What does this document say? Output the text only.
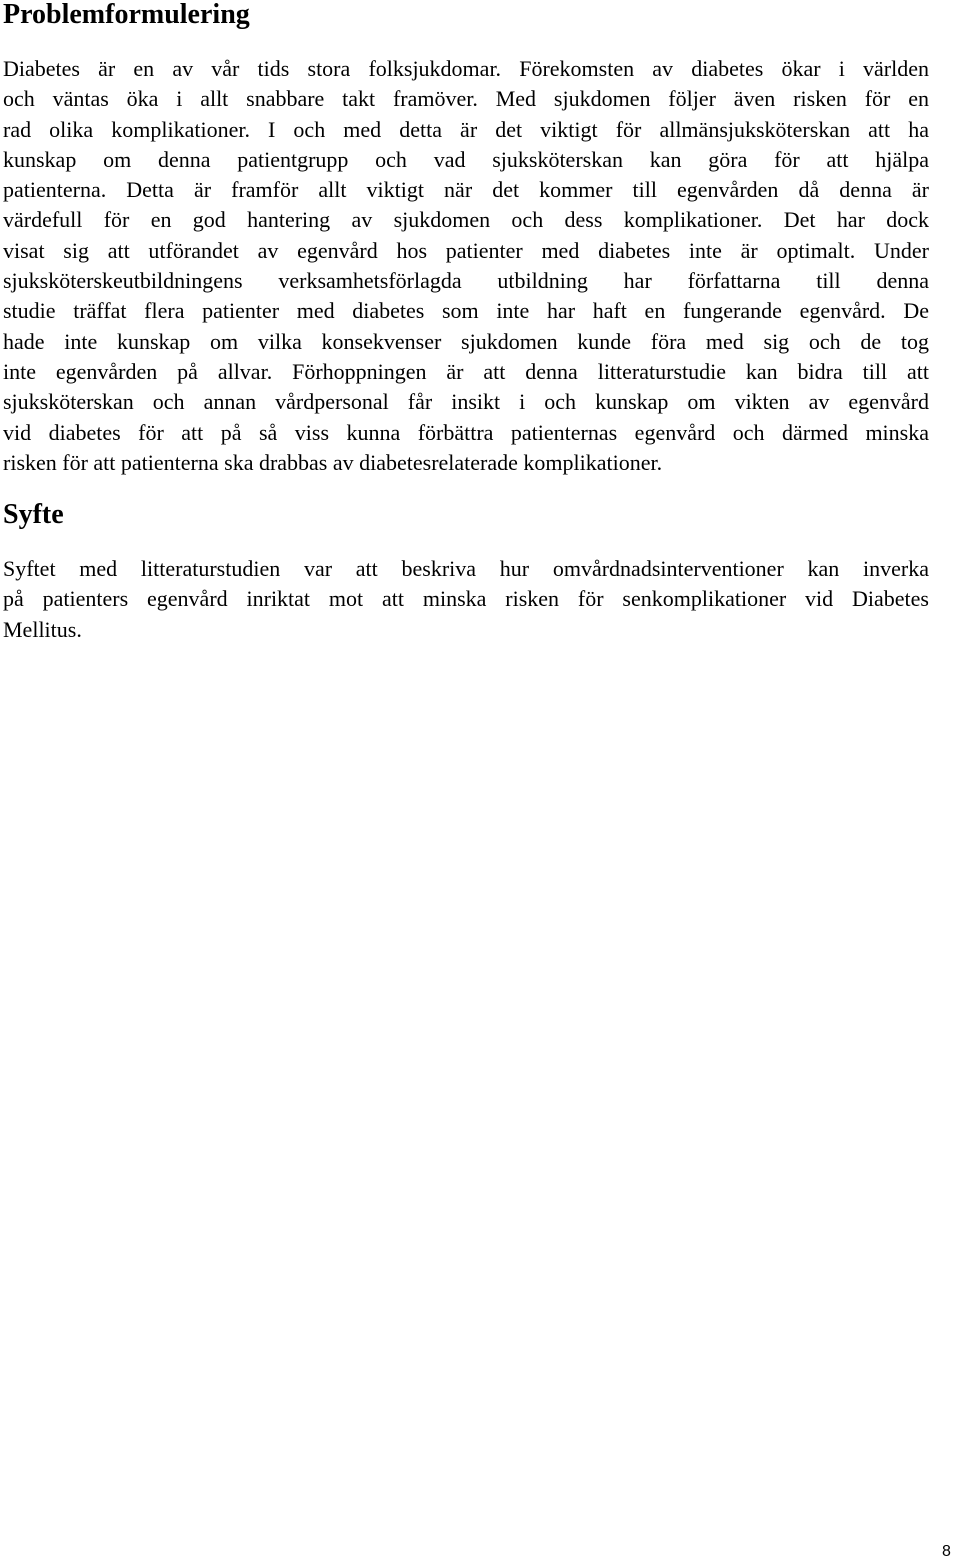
Problemformulering
Diabetes är en av vår tids stora folksjukdomar. Förekomsten av diabetes ökar i världen
och väntas öka i allt snabbare takt framöver. Med sjukdomen följer även risken för en
rad olika komplikationer. I och med detta är det viktigt för allmänsjuksköterskan att ha
kunskap om denna patientgrupp och vad sjuksköterskan kan göra för att hjälpa
patienterna. Detta är framför allt viktigt när det kommer till egenvården då denna är
värdefull för en god hantering av sjukdomen och dess komplikationer. Det har dock
visat sig att utförandet av egenvård hos patienter med diabetes inte är optimalt. Under
sjuksköterskeutbildningens verksamhetsförlagda utbildning har författarna till denna
studie träffat flera patienter med diabetes som inte har haft en fungerande egenvård. De
hade inte kunskap om vilka konsekvenser sjukdomen kunde föra med sig och de tog
inte egenvården på allvar. Förhoppningen är att denna litteraturstudie kan bidra till att
sjuksköterskan och annan vårdpersonal får insikt i och kunskap om vikten av egenvård
vid diabetes för att på så viss kunna förbättra patienternas egenvård och därmed minska
risken för att patienterna ska drabbas av diabetesrelaterade komplikationer.
Syfte
Syftet med litteraturstudien var att beskriva hur omvårdnadsinterventioner kan inverka
på patienters egenvård inriktat mot att minska risken för senkomplikationer vid Diabetes
Mellitus.
8
